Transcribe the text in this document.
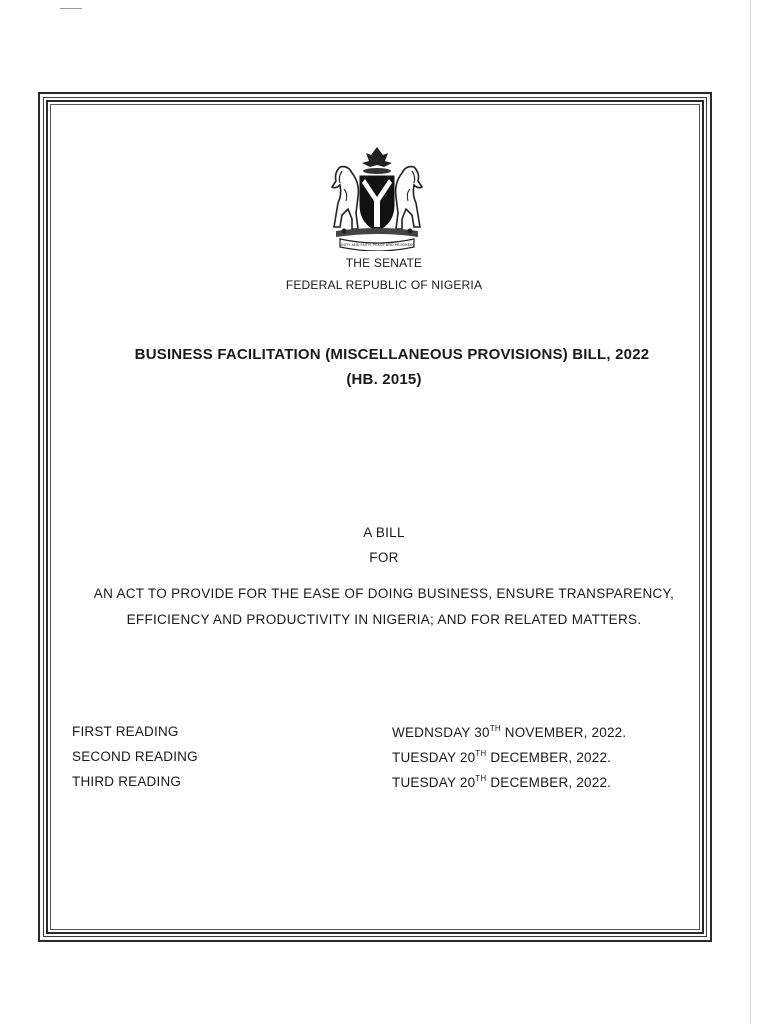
UNITY AND FAITH, PEACE AND PROGRESS
THE SENATE
FEDERAL REPUBLIC OF NIGERIA
BUSINESS FACILITATION (MISCELLANEOUS PROVISIONS) BILL, 2022
(HB. 2015)
A BILL
FOR
AN ACT TO PROVIDE FOR THE EASE OF DOING BUSINESS, ENSURE TRANSPARENCY,
EFFICIENCY AND PRODUCTIVITY IN NIGERIA; AND FOR RELATED MATTERS.
FIRST READING	WEDNSDAY 30TH NOVEMBER, 2022.
SECOND READING	TUESDAY 20TH DECEMBER, 2022.
THIRD READING	TUESDAY 20TH DECEMBER, 2022.
